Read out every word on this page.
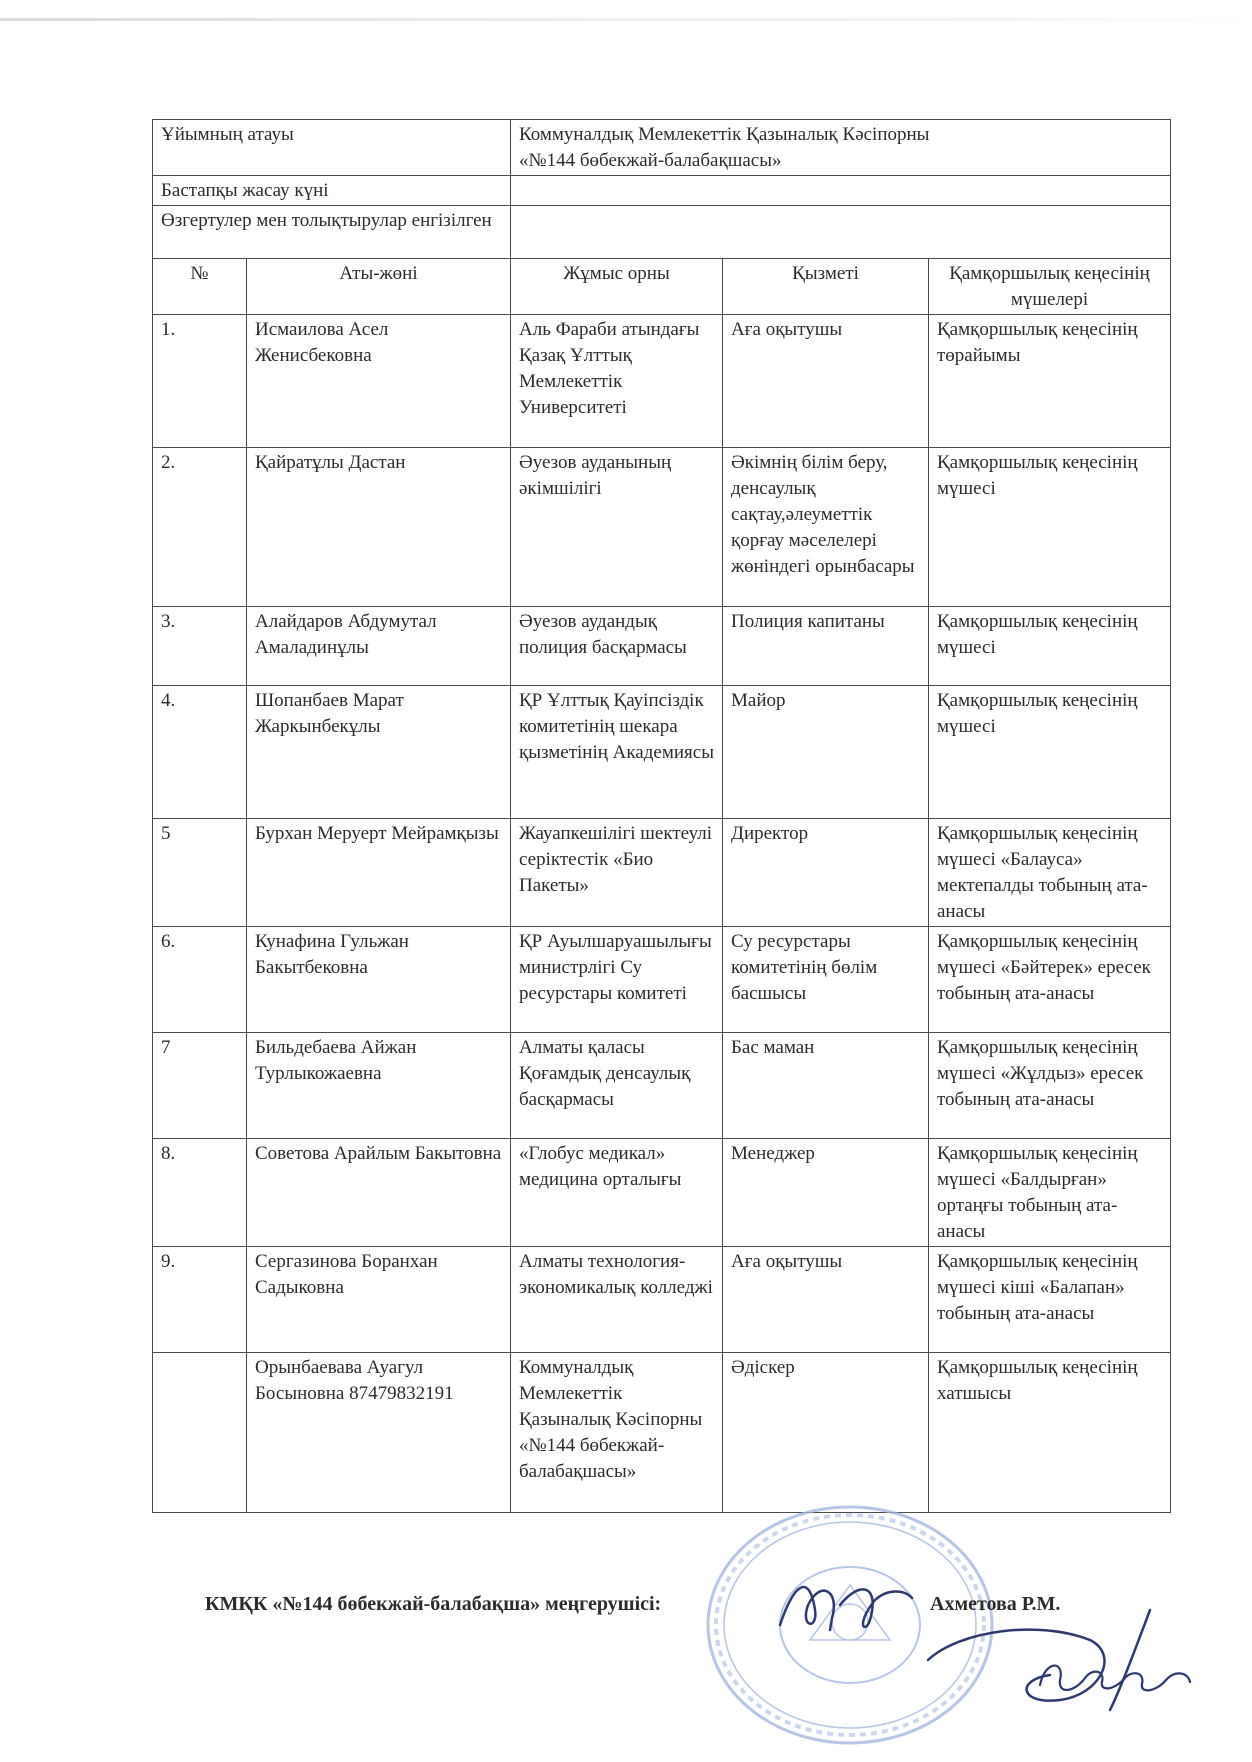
Ұйымның атауы		Коммуналдық Мемлекеттік Қазыналық Кәсіпорны
«№144 бөбекжай-балабақшасы»		
Бастапқы жасау күні				
Өзгертулер мен толықтырулар енгізілген				
№	Аты-жөні	Жұмыс орны	Қызметі	Қамқоршылық кеңесінің мүшелері
1.	Исмаилова Асел Женисбековна	Аль Фараби атындағы Қазақ Ұлттық Мемлекеттік Университеті	Аға оқытушы	Қамқоршылық кеңесінің төрайымы
2.	Қайратұлы Дастан	Әуезов ауданының әкімшілігі	Әкімнің білім беру, денсаулық сақтау,әлеуметтік қорғау мәселелері жөніндегі орынбасары	Қамқоршылық кеңесінің мүшесі
3.	Алайдаров Абдумутал Амаладинұлы	Әуезов аудандық полиция басқармасы	Полиция капитаны	Қамқоршылық кеңесінің мүшесі
4.	Шопанбаев Марат Жаркынбекұлы	ҚР Ұлттық Қауіпсіздік комитетінің шекара қызметінің Академиясы	Майор	Қамқоршылық кеңесінің мүшесі
5	Бурхан Меруерт Мейрамқызы	Жауапкешілігі шектеулі серіктестік «Био Пакеты»	Директор	Қамқоршылық кеңесінің мүшесі «Балауса» мектепалды тобының ата-анасы
6.	Кунафина Гульжан Бакытбековна	ҚР Ауылшаруашылығы министрлігі Су ресурстары комитеті	Су ресурстары комитетінің бөлім басшысы	Қамқоршылық кеңесінің мүшесі «Бәйтерек» ересек тобының ата-анасы
7	Бильдебаева Айжан Турлыкожаевна	Алматы қаласы Қоғамдық денсаулық басқармасы	Бас маман	Қамқоршылық кеңесінің мүшесі «Жұлдыз» ересек тобының ата-анасы
8.	Советова Арайлым Бакытовна	«Глобус медикал» медицина орталығы	Менеджер	Қамқоршылық кеңесінің мүшесі «Балдырған» ортаңғы тобының ата-анасы
9.	Сергазинова Боранхан Садыковна	Алматы технология-экономикалық колледжі	Аға оқытушы	Қамқоршылық кеңесінің мүшесі кіші «Балапан» тобының ата-анасы
	Орынбаевава Ауагул Босыновна 87479832191	Коммуналдық Мемлекеттік Қазыналық Кәсіпорны «№144 бөбекжай-балабақшасы»	Әдіскер	Қамқоршылық кеңесінің хатшысы
КМҚК «№144 бөбекжай-балабақша» меңгерушісі:	Ахметова Р.М.
